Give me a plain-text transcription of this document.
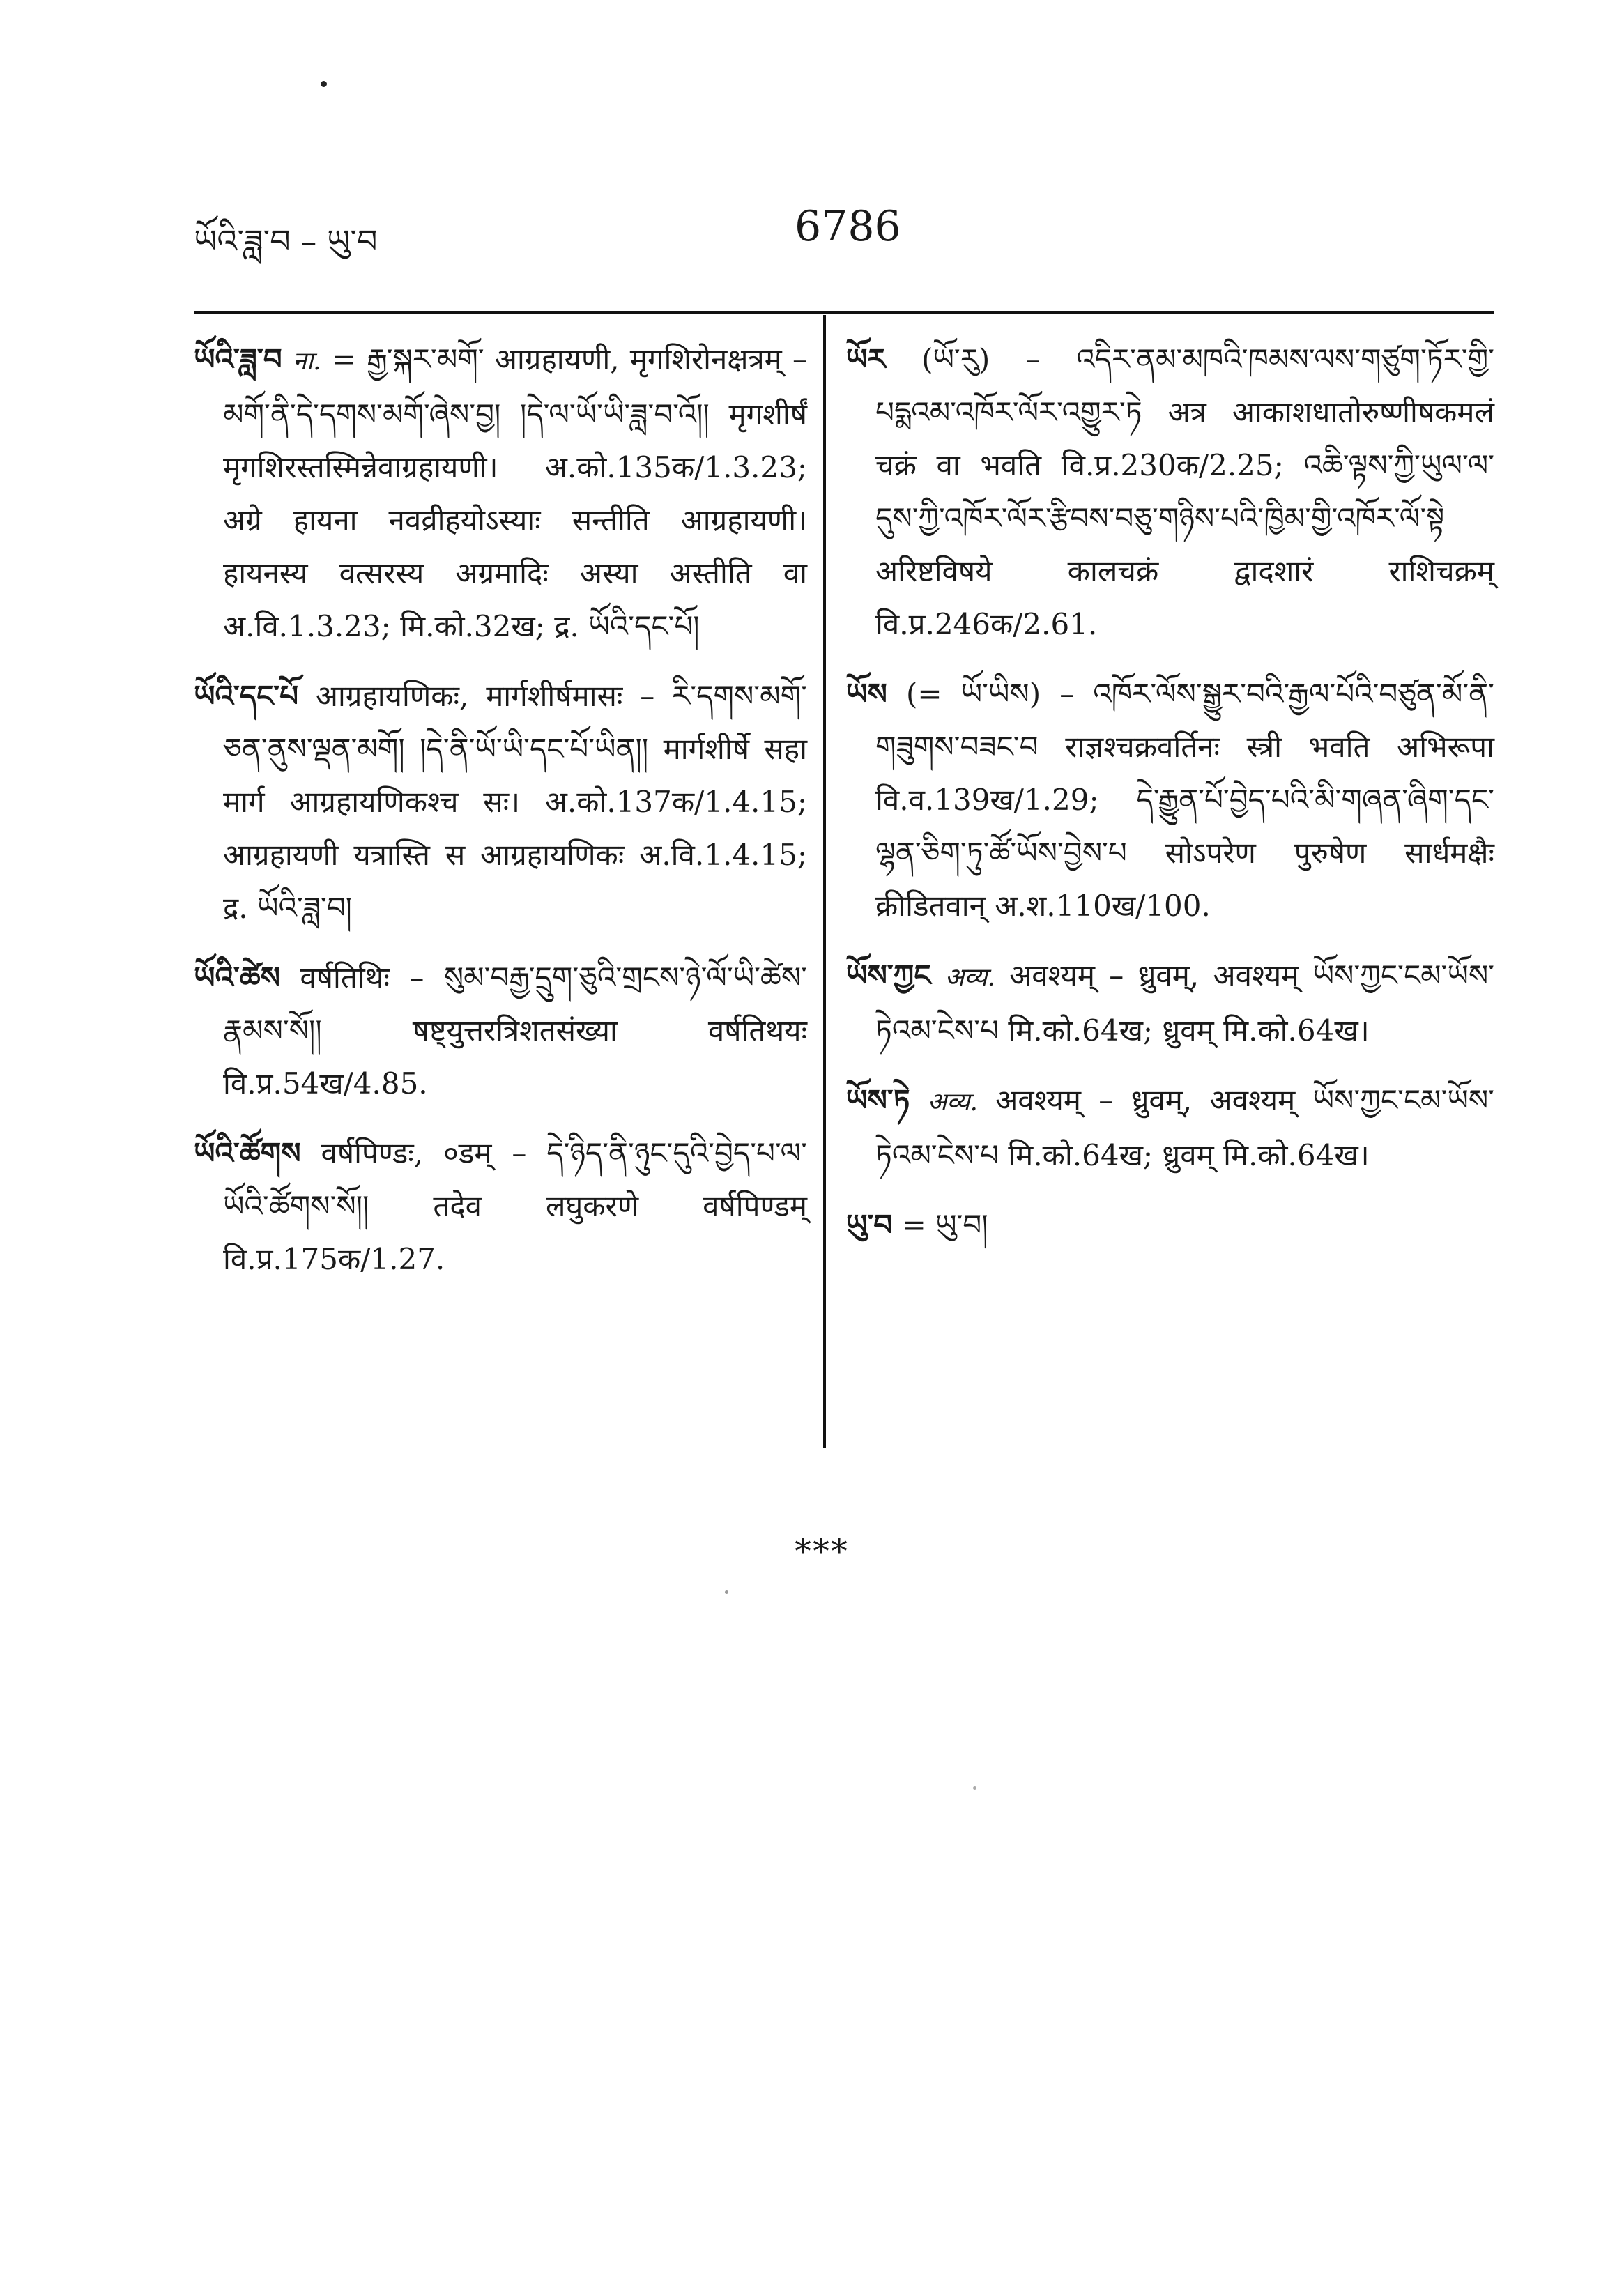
ཡོའི་ཟླ་བ – ཡུ་བ	6786

ཡོའི་ཟླ་བ ना. = རྒྱ་སྐར་མགོ་ आग्रहायणी, मृगशिरोनक्षत्रम् – མགོ་ནི་དེ་དགས་མགོ་ཞེས་བྱ། །དེ་ལ་ཡོ་ཡི་ཟླ་བ་འོ།། मृगशीर्षं मृगशिरस्तस्मिन्नेवाग्रहायणी। अ.को.135क/1.3.23; अग्रे हायना नवव्रीहयोऽस्याः सन्तीति आग्रहायणी। हायनस्य वत्सरस्य अग्रमादिः अस्या अस्तीति वा अ.वि.1.3.23; मि.को.32ख; द्र. ཡོའི་དང་པོ།

ཡོའི་དང་པོ आग्रहायणिकः, मार्गशीर्षमासः – རི་དགས་མགོ་ཅན་ནུས་ལྡན་མགོ། །དེ་ནི་ཡོ་ཡི་དང་པོ་ཡིན།། मार्गशीर्षे सहा मार्ग आग्रहायणिकश्च सः। अ.को.137क/1.4.15; आग्रहायणी यत्रास्ति स आग्रहायणिकः अ.वि.1.4.15; द्र. ཡོའི་ཟླ་བ།

ཡོའི་ཚེས वर्षतिथिः – སུམ་བརྒྱ་དྲུག་ཅུའི་གྲངས་ཉེ་ལོ་ཡི་ཚེས་རྣམས་སོ།། षष्ट्युत्तरत्रिशतसंख्या वर्षतिथयः वि.प्र.54ख/4.85.

ཡོའི་ཚོགས वर्षपिण्डः, ०डम् – དེ་ཉིད་ནི་ཉུང་དུའི་བྱེད་པ་ལ་ཡོའི་ཚོགས་སོ།། तदेव लघुकरणे वर्षपिण्डम् वि.प्र.175क/1.27.

ཡོར (ཡོ་རུ) – འདིར་ནམ་མཁའི་ཁམས་ལས་གཙུག་ཏོར་གྱི་པདྨའམ་འཁོར་ལོར་འགྱུར་ཏེ अत्र आकाशधातोरुष्णीषकमलं चक्रं वा भवति वि.प्र.230क/2.25; འཆི་ལྟས་ཀྱི་ཡུལ་ལ་དུས་ཀྱི་འཁོར་ལོར་རྩིབས་བཅུ་གཉིས་པའི་ཁྱིམ་གྱི་འཁོར་ལོ་སྟེ अरिष्टविषये कालचक्रं द्वादशारं राशिचक्रम् वि.प्र.246क/2.61.

ཡོས (= ཡོ་ཡིས) – འཁོར་ལོས་སྒྱུར་བའི་རྒྱལ་པོའི་བཙུན་མོ་ནི་གཟུགས་བཟང་བ राज्ञश्चक्रवर्तिनः स्त्री भवति अभिरूपा वि.व.139ख/1.29; དེ་རྒྱུན་པོ་བྱེད་པའི་མི་གཞན་ཞིག་དང་ལྷན་ཅིག་ཏུ་ཚོ་ཡོས་བྱེས་པ सोऽपरेण पुरुषेण सार्धमक्षैः क्रीडितवान् अ.श.110ख/100.

ཡོས་ཀྱང अव्य. अवश्यम् – ध्रुवम्, अवश्यम् ཡོས་ཀྱང་ངམ་ཡོས་ཏེའམ་ངེས་པ मि.को.64ख; ध्रुवम् मि.को.64ख।

ཡོས་ཏེ अव्य. अवश्यम् – ध्रुवम्, अवश्यम् ཡོས་ཀྱང་ངམ་ཡོས་ཏེའམ་ངེས་པ मि.को.64ख; ध्रुवम् मि.को.64ख।

ཡུ་བ = ཡུ་བ།

***
